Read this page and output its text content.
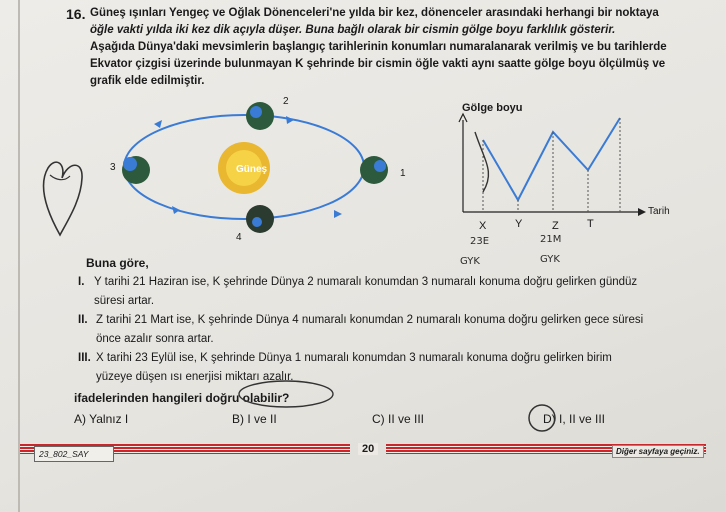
16. Güneş ışınları Yengeç ve Oğlak Dönenceleri'ne yılda bir kez, dönenceler arasındaki herhangi bir noktaya
öğle vakti yılda iki kez dik açıyla düşer. Buna bağlı olarak bir cismin gölge boyu farklılık gösterir.
Aşağıda Dünya'daki mevsimlerin başlangıç tarihlerinin konumları numaralanarak verilmiş ve bu tarihlerde
Ekvator çizgisi üzerinde bulunmayan K şehrinde bir cismin öğle vakti aynı saatte gölge boyu ölçülmüş ve
grafik elde edilmiştir.
Güneş
2
3
1
4
Gölge boyu
Tarih
X	Y	Z	T
23E
GYK
21M
GYK
Buna göre,
I. Y tarihi 21 Haziran ise, K şehrinde Dünya 2 numaralı konumdan 3 numaralı konuma doğru gelirken gündüz
süresi artar.
II. Z tarihi 21 Mart ise, K şehrinde Dünya 4 numaralı konumdan 2 numaralı konuma doğru gelirken gece süresi
önce azalır sonra artar.
III. X tarihi 23 Eylül ise, K şehrinde Dünya 1 numaralı konumdan 3 numaralı konuma doğru gelirken birim
yüzeye düşen ısı enerjisi miktarı azalır.
ifadelerinden hangileri doğru olabilir?
A) Yalnız I	B) I ve II	C) II ve III	D) I, II ve III
23_802_SAY	20	Diğer sayfaya geçiniz.
